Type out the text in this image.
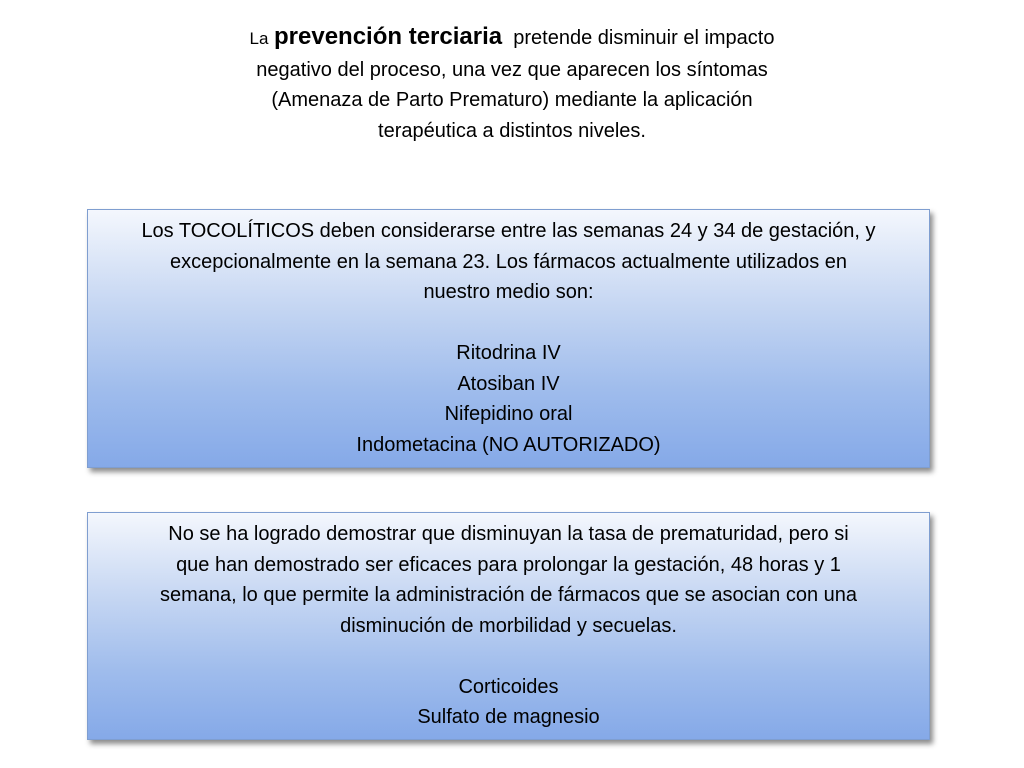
La prevención terciaria pretende disminuir el impacto
negativo del proceso, una vez que aparecen los síntomas
(Amenaza de Parto Prematuro) mediante la aplicación
terapéutica a distintos niveles.
Los TOCOLÍTICOS deben considerarse entre las semanas 24 y 34 de gestación, y
excepcionalmente en la semana 23. Los fármacos actualmente utilizados en
nuestro medio son:
Ritodrina IV
Atosiban IV
Nifepidino oral
Indometacina (NO AUTORIZADO)
No se ha logrado demostrar que disminuyan la tasa de prematuridad, pero si
que han demostrado ser eficaces para prolongar la gestación, 48 horas y 1
semana, lo que permite la administración de fármacos que se asocian con una
disminución de morbilidad y secuelas.
Corticoides
Sulfato de magnesio
